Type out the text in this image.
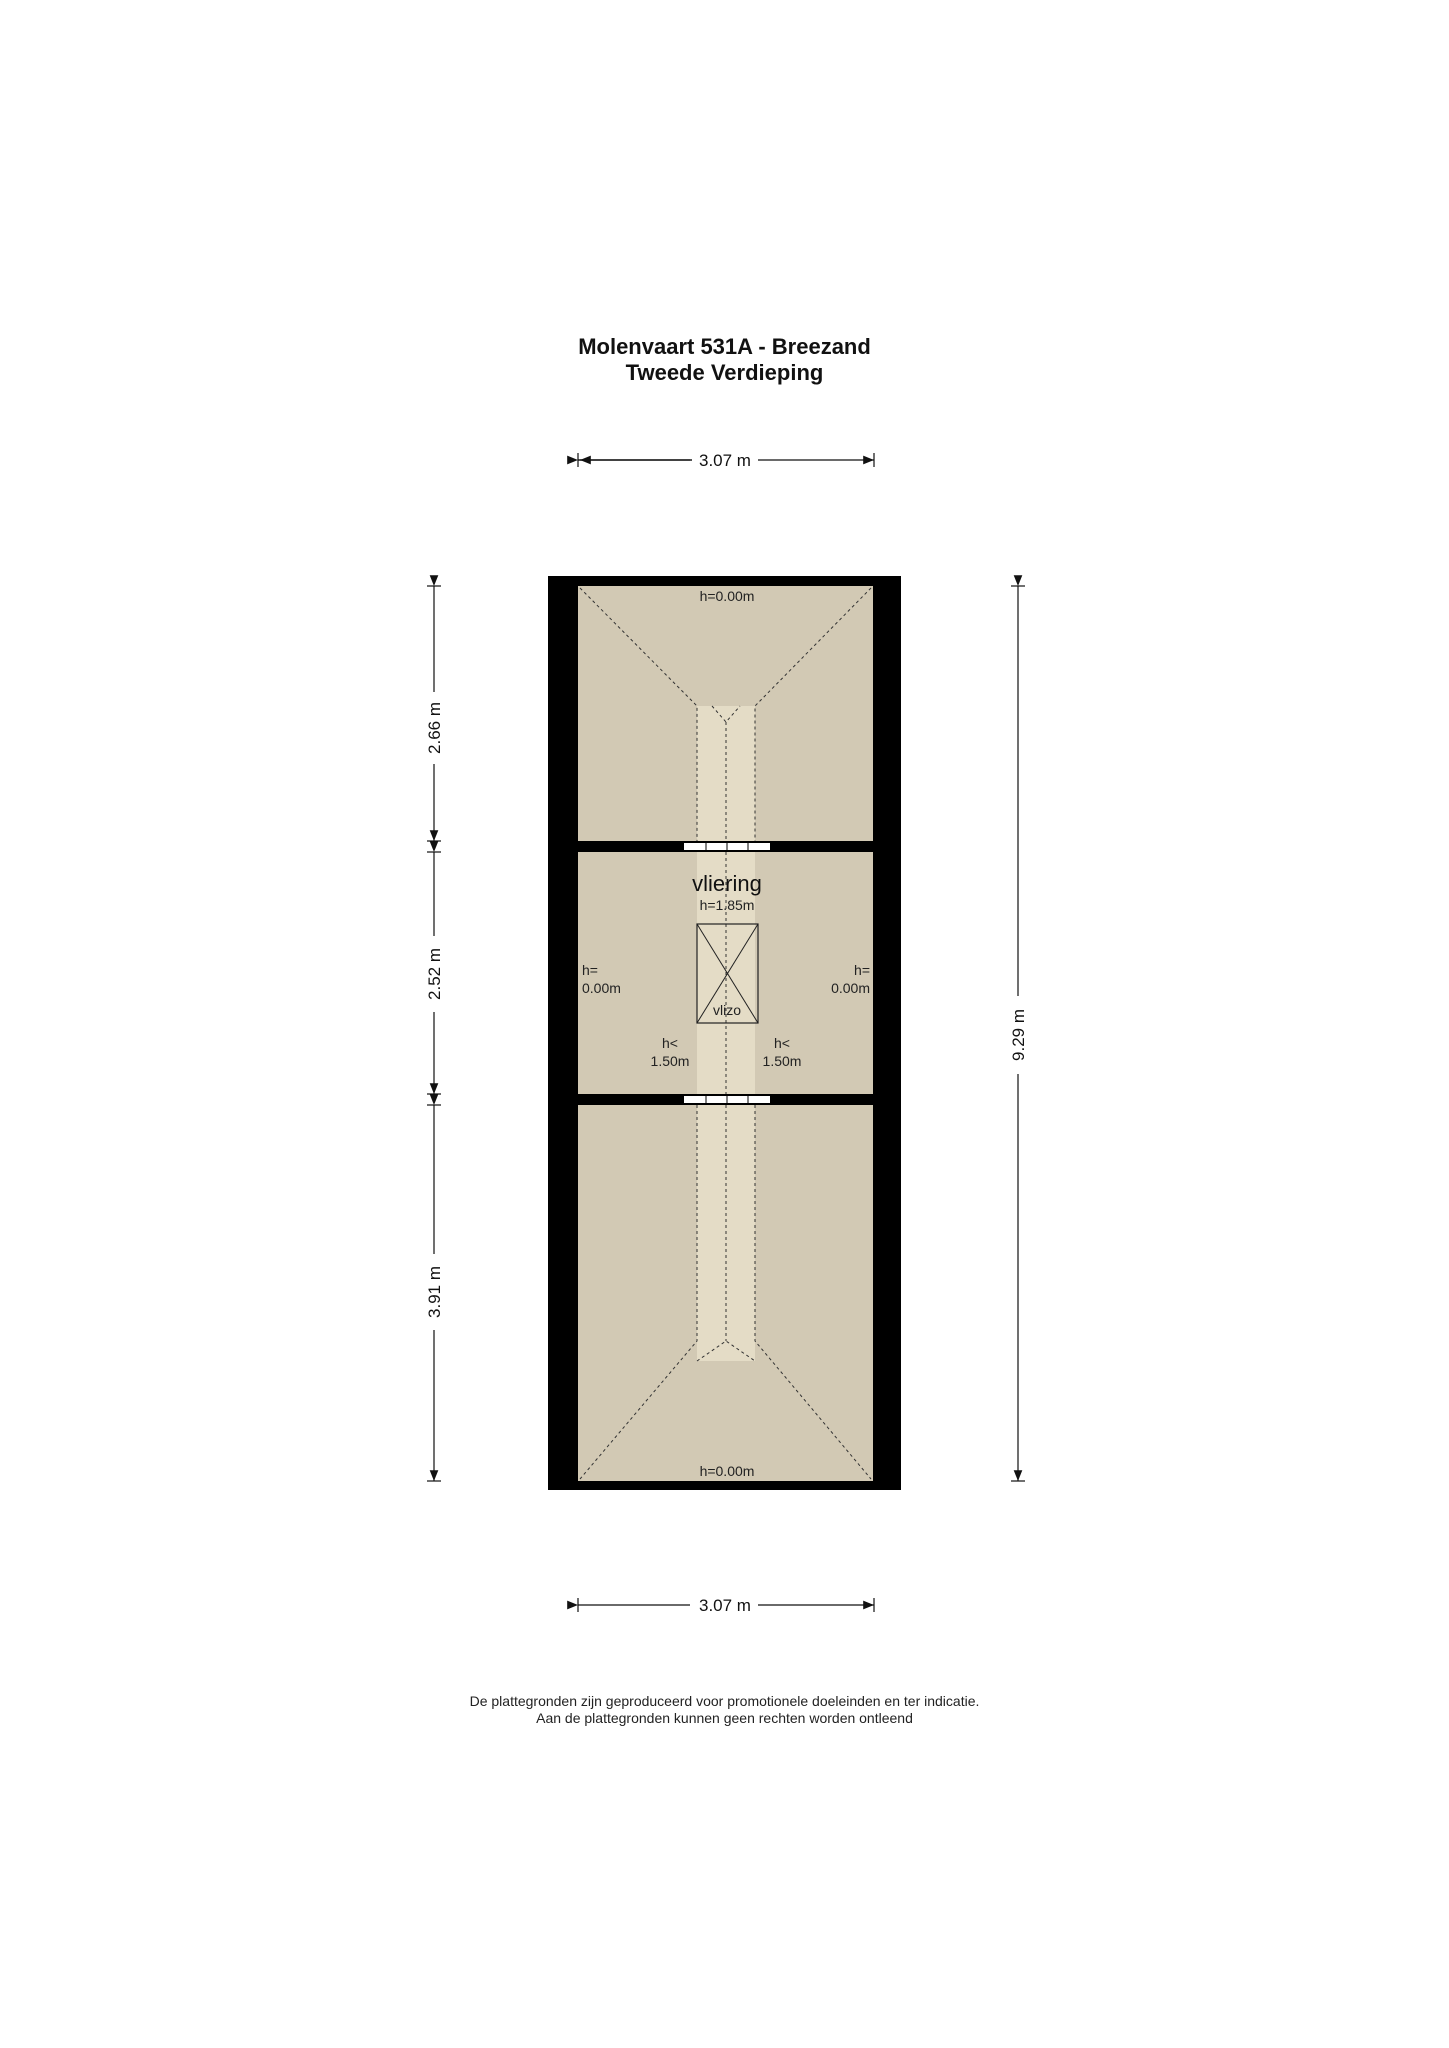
Molenvaart 531A - Breezand
Tweede Verdieping
3.07 m
h=0.00m
vliering
h=1.85m
vlizo
h=
0.00m
h=
0.00m
h<
1.50m
h<
1.50m
h=0.00m
2.66 m
2.52 m
3.91 m
9.29 m
3.07 m
De plattegronden zijn geproduceerd voor promotionele doeleinden en ter indicatie.
Aan de plattegronden kunnen geen rechten worden ontleend
